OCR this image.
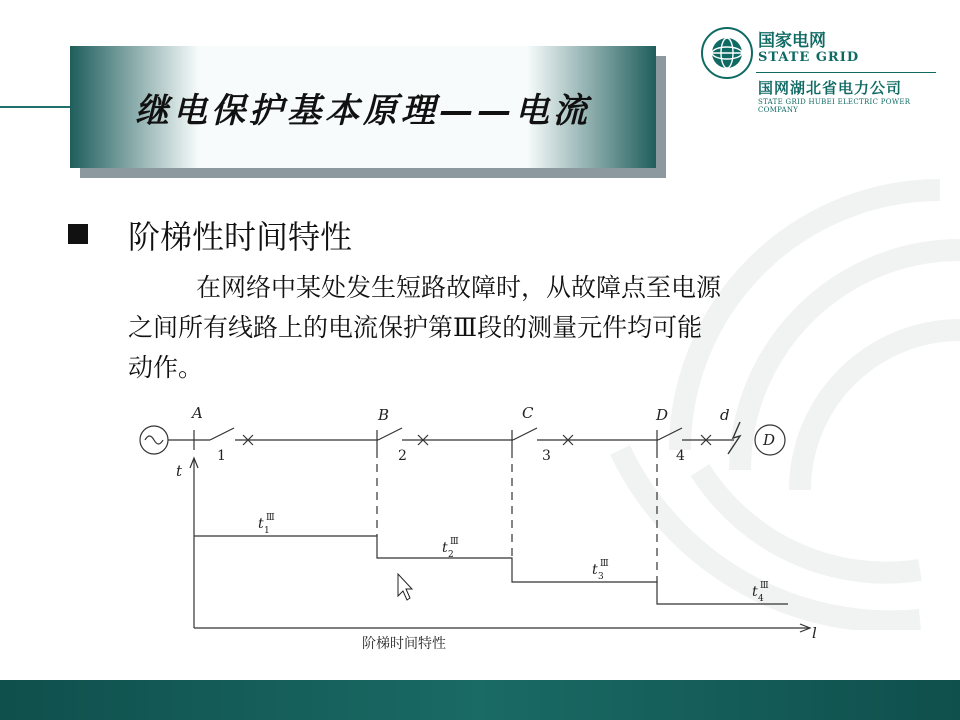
继电保护基本原理——电流
国家电网
STATE GRID
国网湖北省电力公司
STATE GRID HUBEI ELECTRIC POWER COMPANY
阶梯性时间特性
在网络中某处发生短路故障时，从故障点至电源
之间所有线路上的电流保护第Ⅲ段的测量元件均可能
动作。
A	B	C	D	d
D
t
l
1	2	3	4
t 1
Ⅲ
t 2
Ⅲ
t 3
Ⅲ
t 4
Ⅲ
阶梯时间特性
